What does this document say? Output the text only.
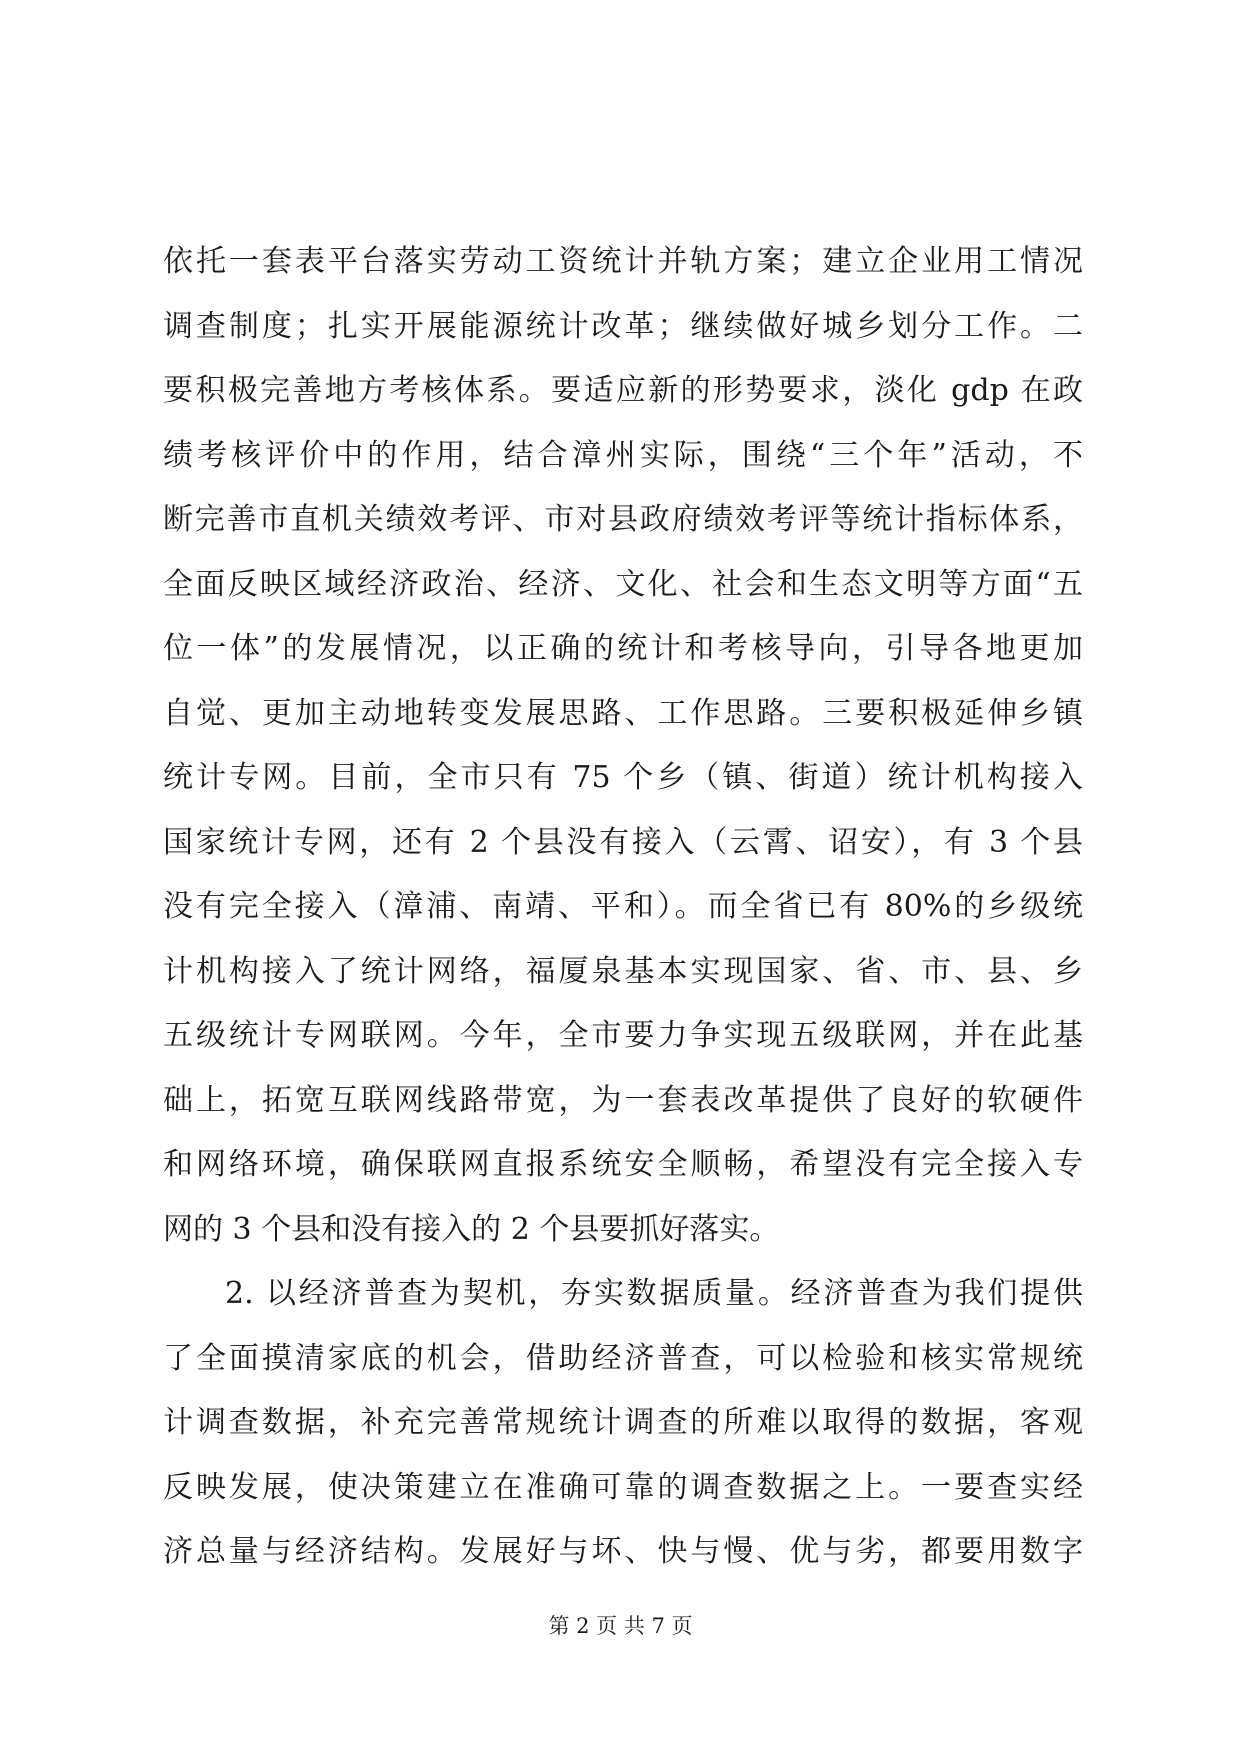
依托一套表平台落实劳动工资统计并轨方案；建立企业用工情况
调查制度；扎实开展能源统计改革；继续做好城乡划分工作。二
要积极完善地方考核体系。要适应新的形势要求，淡化 gdp 在政
绩考核评价中的作用，结合漳州实际，围绕“三个年”活动，不
断完善市直机关绩效考评、市对县政府绩效考评等统计指标体系，
全面反映区域经济政治、经济、文化、社会和生态文明等方面“五
位一体”的发展情况，以正确的统计和考核导向，引导各地更加
自觉、更加主动地转变发展思路、工作思路。三要积极延伸乡镇
统计专网。目前，全市只有 75 个乡（镇、街道）统计机构接入
国家统计专网，还有 2 个县没有接入（云霄、诏安），有 3 个县
没有完全接入（漳浦、南靖、平和）。而全省已有 80%的乡级统
计机构接入了统计网络，福厦泉基本实现国家、省、市、县、乡
五级统计专网联网。今年，全市要力争实现五级联网，并在此基
础上，拓宽互联网线路带宽，为一套表改革提供了良好的软硬件
和网络环境，确保联网直报系统安全顺畅，希望没有完全接入专
网的 3 个县和没有接入的 2 个县要抓好落实。
2. 以经济普查为契机，夯实数据质量。经济普查为我们提供
了全面摸清家底的机会，借助经济普查，可以检验和核实常规统
计调查数据，补充完善常规统计调查的所难以取得的数据，客观
反映发展，使决策建立在准确可靠的调查数据之上。一要查实经
济总量与经济结构。发展好与坏、快与慢、优与劣，都要用数字
第 2 页 共 7 页
